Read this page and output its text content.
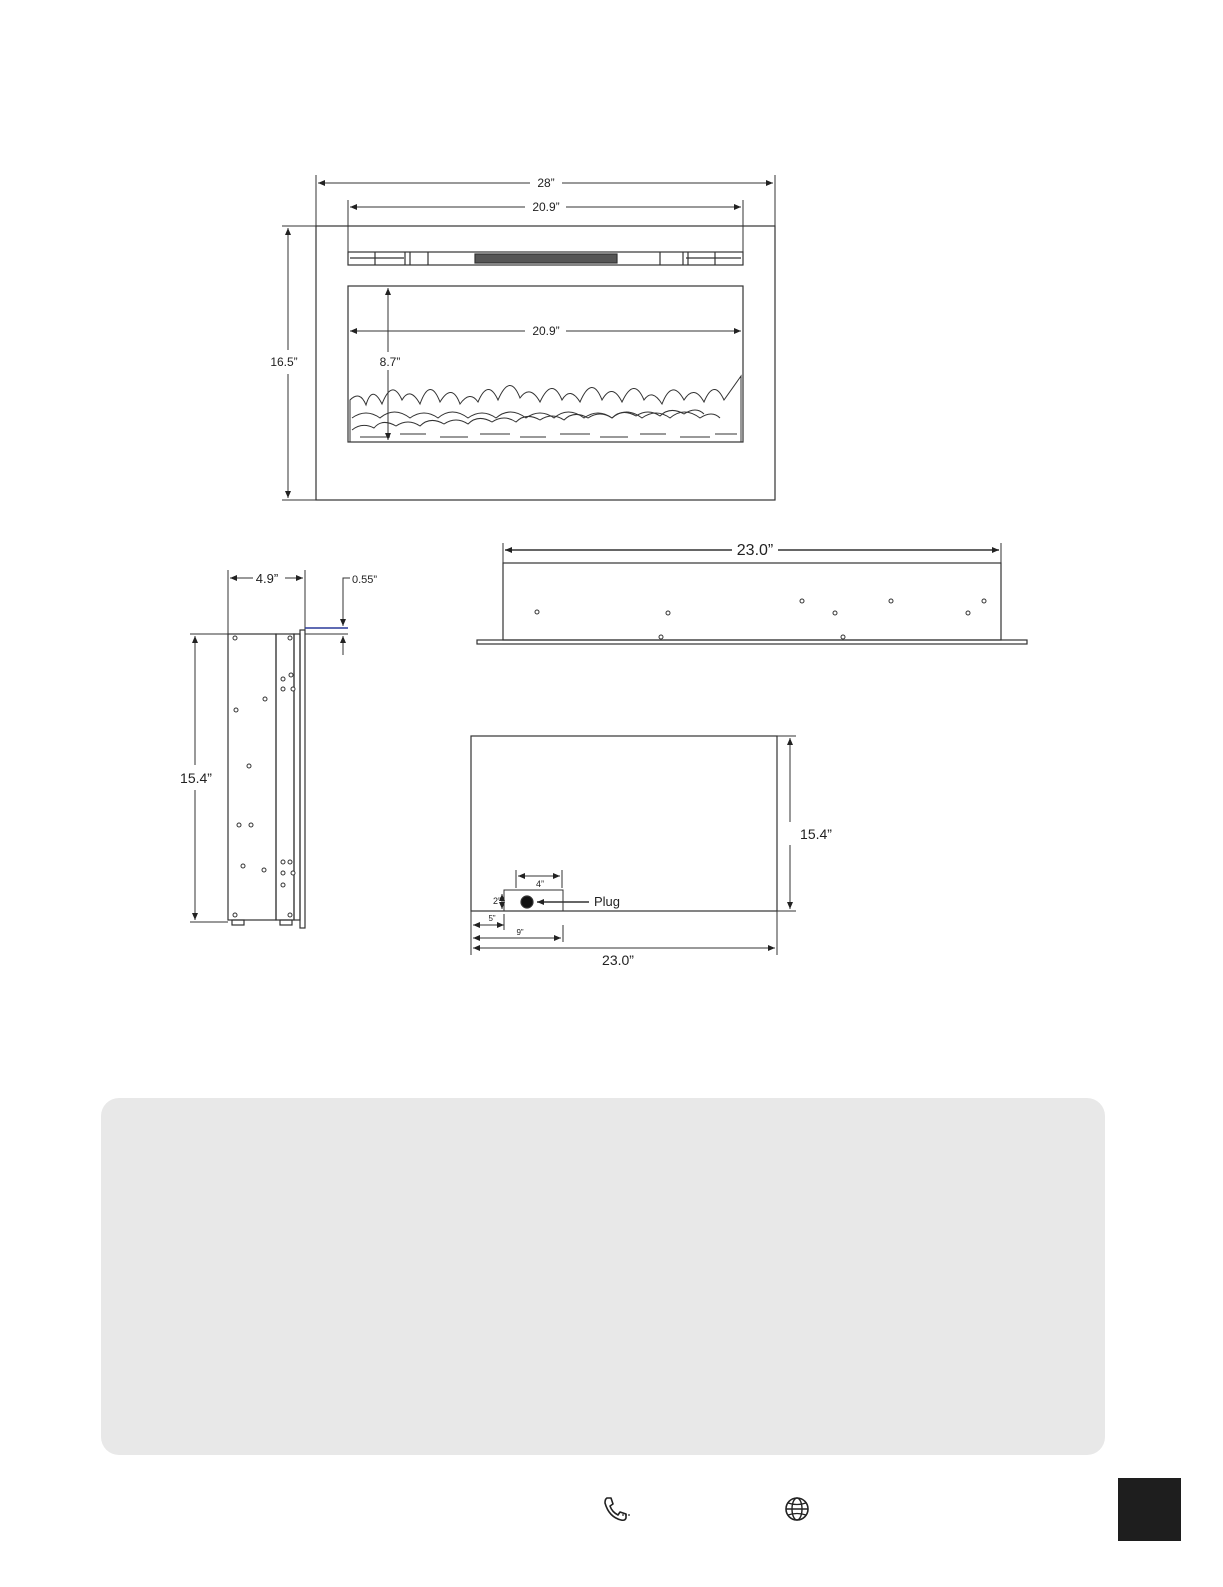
28”
20.9”
20.9”
8.7”
16.5”
4.9”	0.55”
15.4”
23.0”
15.4”
23.0”
Plug
4”
2”
5”
9”
